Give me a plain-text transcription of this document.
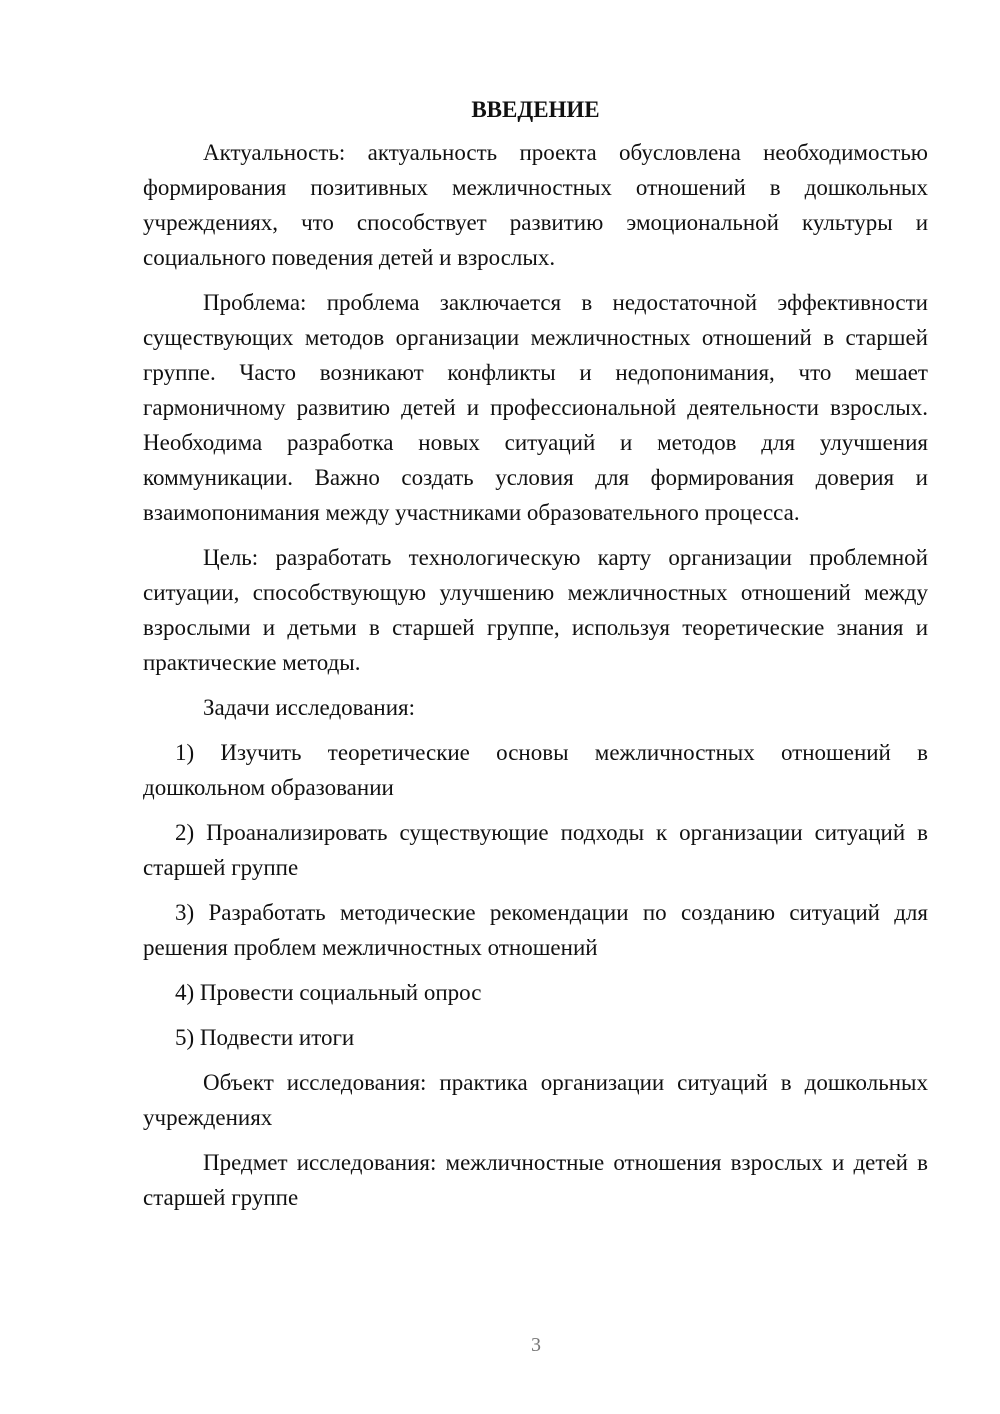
ВВЕДЕНИЕ

Актуальность: актуальность проекта обусловлена необходимостью формирования позитивных межличностных отношений в дошкольных учреждениях, что способствует развитию эмоциональной культуры и социального поведения детей и взрослых.

Проблема: проблема заключается в недостаточной эффективности существующих методов организации межличностных отношений в старшей группе. Часто возникают конфликты и недопонимания, что мешает гармоничному развитию детей и профессиональной деятельности взрослых. Необходима разработка новых ситуаций и методов для улучшения коммуникации. Важно создать условия для формирования доверия и взаимопонимания между участниками образовательного процесса.

Цель: разработать технологическую карту организации проблемной ситуации, способствующую улучшению межличностных отношений между взрослыми и детьми в старшей группе, используя теоретические знания и практические методы.

Задачи исследования:

1) Изучить теоретические основы межличностных отношений в дошкольном образовании

2) Проанализировать существующие подходы к организации ситуаций в старшей группе

3) Разработать методические рекомендации по созданию ситуаций для решения проблем межличностных отношений

4) Провести социальный опрос

5) Подвести итоги

Объект исследования: практика организации ситуаций в дошкольных учреждениях

Предмет исследования: межличностные отношения взрослых и детей в старшей группе

3
